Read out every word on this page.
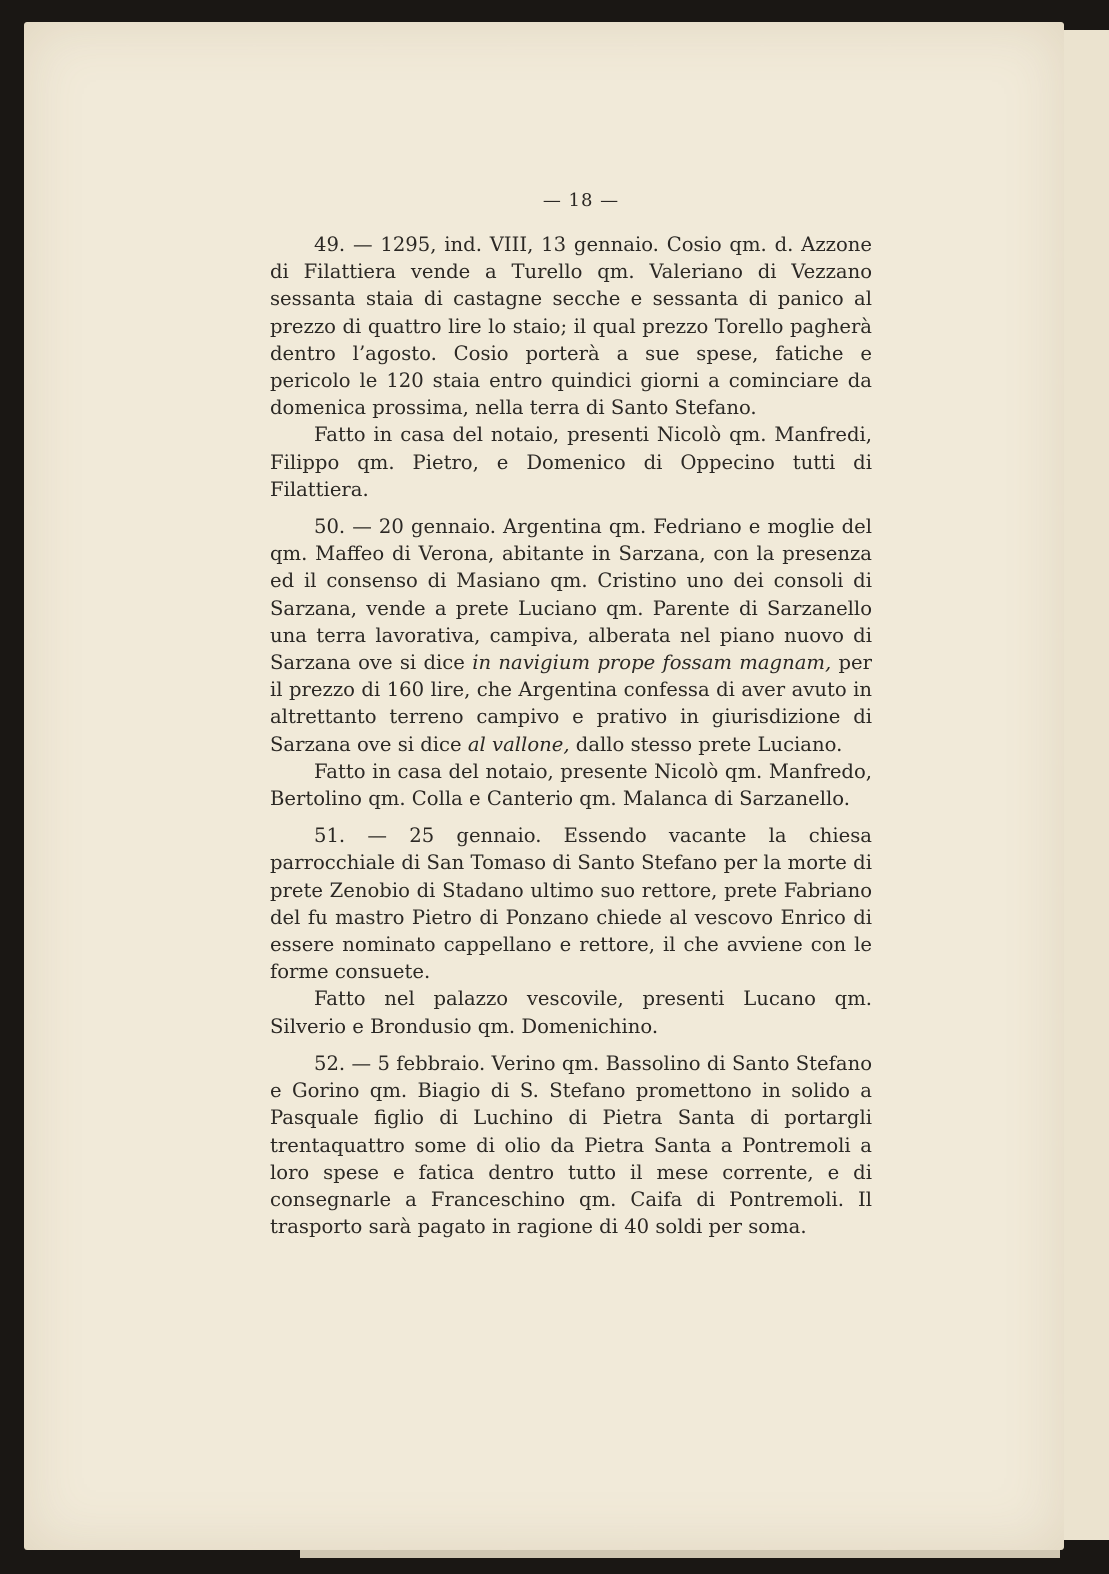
— 18 —

49. — 1295, ind. VIII, 13 gennaio. Cosio qm. d. Azzone di Filattiera vende a Turello qm. Valeriano di Vezzano sessanta staia di castagne secche e sessanta di panico al prezzo di quattro lire lo staio; il qual prezzo Torello pagherà dentro l’agosto. Cosio porterà a sue spese, fatiche e pericolo le 120 staia entro quindici giorni a cominciare da domenica prossima, nella terra di Santo Stefano.

Fatto in casa del notaio, presenti Nicolò qm. Manfredi, Filippo qm. Pietro, e Domenico di Oppecino tutti di Filattiera.

50. — 20 gennaio. Argentina qm. Fedriano e moglie del qm. Maffeo di Verona, abitante in Sarzana, con la presenza ed il consenso di Masiano qm. Cristino uno dei consoli di Sarzana, vende a prete Luciano qm. Parente di Sarzanello una terra lavorativa, campiva, alberata nel piano nuovo di Sarzana ove si dice in navigium prope fossam magnam, per il prezzo di 160 lire, che Argentina confessa di aver avuto in altrettanto terreno campivo e prativo in giurisdizione di Sarzana ove si dice al vallone, dallo stesso prete Luciano.

Fatto in casa del notaio, presente Nicolò qm. Manfredo, Bertolino qm. Colla e Canterio qm. Malanca di Sarzanello.

51. — 25 gennaio. Essendo vacante la chiesa parrocchiale di San Tomaso di Santo Stefano per la morte di prete Zenobio di Stadano ultimo suo rettore, prete Fabriano del fu mastro Pietro di Ponzano chiede al vescovo Enrico di essere nominato cappellano e rettore, il che avviene con le forme consuete.

Fatto nel palazzo vescovile, presenti Lucano qm. Silverio e Brondusio qm. Domenichino.

52. — 5 febbraio. Verino qm. Bassolino di Santo Stefano e Gorino qm. Biagio di S. Stefano promettono in solido a Pasquale figlio di Luchino di Pietra Santa di portargli trentaquattro some di olio da Pietra Santa a Pontremoli a loro spese e fatica dentro tutto il mese corrente, e di consegnarle a Franceschino qm. Caifa di Pontremoli. Il trasporto sarà pagato in ragione di 40 soldi per soma.
